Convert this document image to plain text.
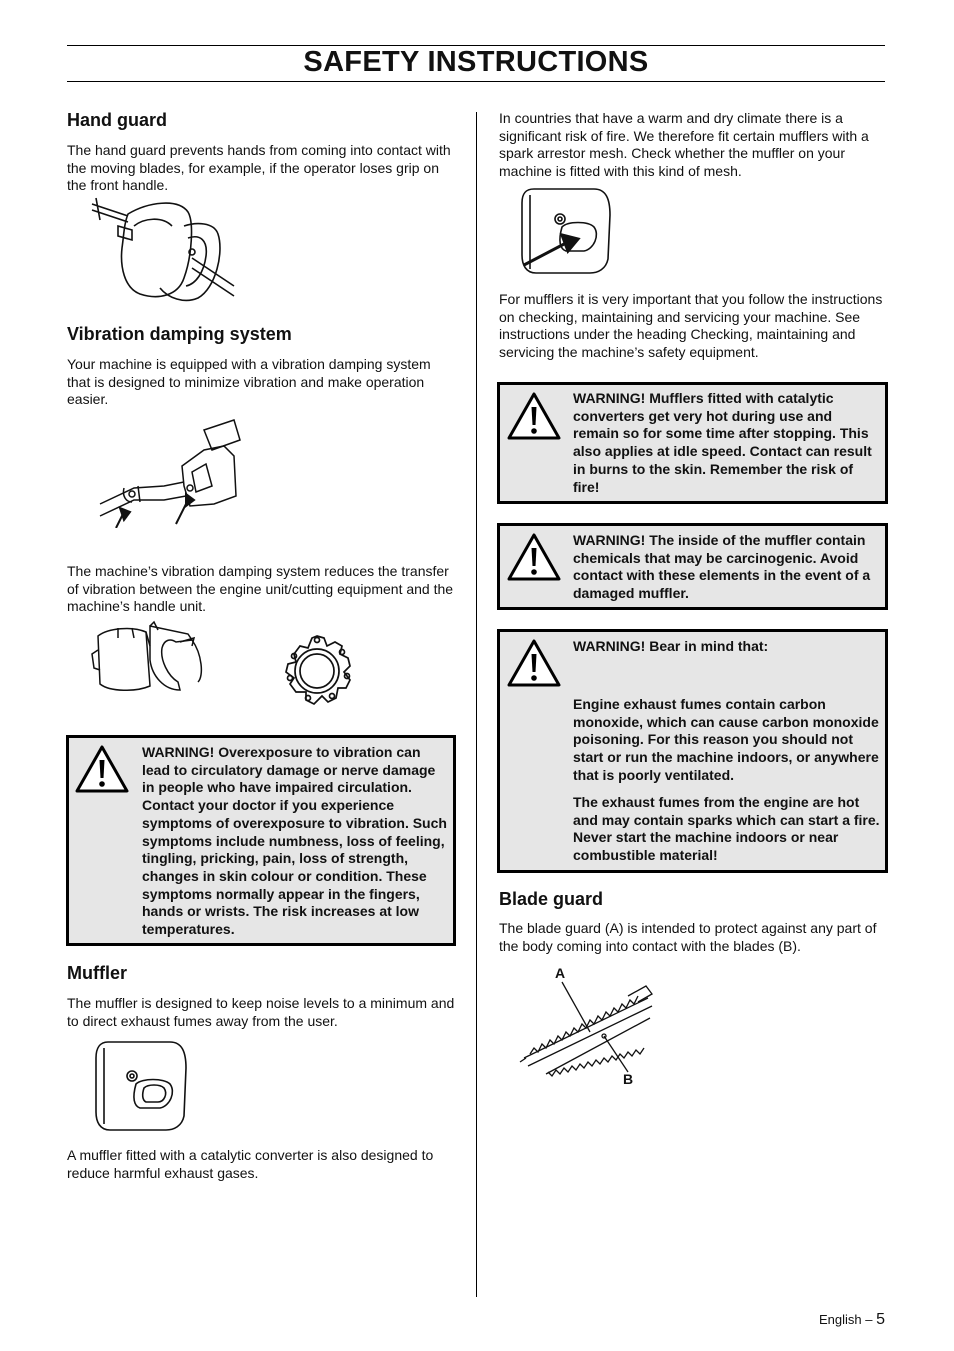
SAFETY INSTRUCTIONS
Hand guard

The hand guard prevents hands from coming into contact with the moving blades, for example, if the operator loses grip on the front handle.

Vibration damping system

Your machine is equipped with a vibration damping system that is designed to minimize vibration and make operation easier.

The machine’s vibration damping system reduces the transfer of vibration between the engine unit/cutting equipment and the machine’s handle unit.

WARNING! Overexposure to vibration can lead to circulatory damage or nerve damage in people who have impaired circulation. Contact your doctor if you experience symptoms of overexposure to vibration. Such symptoms include numbness, loss of feeling, tingling, pricking, pain, loss of strength, changes in skin colour or condition. These symptoms normally appear in the fingers, hands or wrists. The risk increases at low temperatures.
Muffler

The muffler is designed to keep noise levels to a minimum and to direct exhaust fumes away from the user.

A muffler fitted with a catalytic converter is also designed to reduce harmful exhaust gases.

In countries that have a warm and dry climate there is a significant risk of fire. We therefore fit certain mufflers with a spark arrestor mesh. Check whether the muffler on your machine is fitted with this kind of mesh.

For mufflers it is very important that you follow the instructions on checking, maintaining and servicing your machine. See instructions under the heading Checking, maintaining and servicing the machine’s safety equipment.

WARNING! Mufflers fitted with catalytic converters get very hot during use and remain so for some time after stopping. This also applies at idle speed. Contact can result in burns to the skin. Remember the risk of fire!
WARNING! The inside of the muffler contain chemicals that may be carcinogenic. Avoid contact with these elements in the event of a damaged muffler.
WARNING! Bear in mind that:
Engine exhaust fumes contain carbon monoxide, which can cause carbon monoxide poisoning. For this reason you should not start or run the machine indoors, or anywhere that is poorly ventilated.
The exhaust fumes from the engine are hot and may contain sparks which can start a fire. Never start the machine indoors or near combustible material!
Blade guard

The blade guard (A) is intended to protect against any part of the body coming into contact with the blades (B).

A
B
English – 5
